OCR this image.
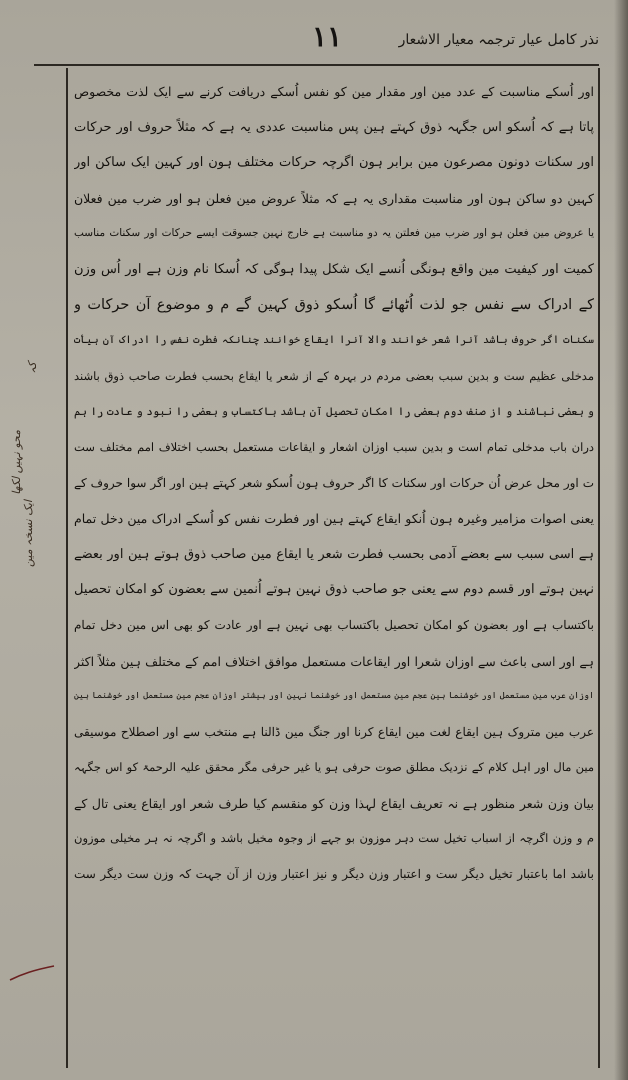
نذر کامل عیار ترجمہ معیار الاشعار
١١
اور اُسکے مناسبت کے عدد مین اور مقدار مین کو نفس اُسکے دریافت کرنے سے ایک لذت مخصوص
پاتا ہے کہ اُسکو اس جگہہ ذوق کہتے ہین پس مناسبت عددی یہ ہے کہ مثلاً حروف اور حرکات
اور سکنات دونون مصرعون مین برابر ہون اگرچہ حرکات مختلف ہون اور کہین ایک ساکن اور
کہین دو ساکن ہون اور مناسبت مقداری یہ ہے کہ مثلاً عروض مین فعلن ہو اور ضرب مین فعلان
یا عروض مین فعلن ہو اور ضرب مین فعلتن یہ دو مناسبت ہے خارج نہین جسوقت ایسے حرکات اور سکنات مناسب
کمیت اور کیفیت مین واقع ہونگی اُنسے ایک شکل پیدا ہوگی کہ اُسکا نام وزن ہے اور اُس وزن
کے ادراک سے نفس جو لذت اُٹھائے گا اُسکو ذوق کہین گے م و موضوع آن حرکات و
سکنات اگر حروف باشد آنرا شعر خوانند والا آنرا ایقاع خوانند چنانکہ فطرت نفس را ادراک آن ہیأت
مدخلی عظیم ست و بدین سبب بعضی مردم در بہرہ کے از شعر یا ایقاع بحسب فطرت صاحب ذوق باشند
و بعضی نباشند و از صنف دوم بعضی را امکان تحصیل آن باشد باکتساب و بعضی را نبود و عادت را ہم
دران باب مدخلی تمام است و بدین سبب اوزان اشعار و ایقاعات مستعمل بحسب اختلاف امم مختلف ست
ت اور محل عرض اُن حرکات اور سکنات کا اگر حروف ہون اُسکو شعر کہتے ہین اور اگر سوا حروف کے
یعنی اصوات مزامیر وغیرہ ہون اُنکو ایقاع کہتے ہین اور فطرت نفس کو اُسکے ادراک مین دخل تمام
ہے اسی سبب سے بعضے آدمی بحسب فطرت شعر یا ایقاع مین صاحب ذوق ہوتے ہین اور بعضے
نہین ہوتے اور قسم دوم سے یعنی جو صاحب ذوق نہین ہوتے اُنمین سے بعضون کو امکان تحصیل
باکتساب ہے اور بعضون کو امکان تحصیل باکتساب بھی نہین ہے اور عادت کو بھی اس مین دخل تمام
ہے اور اسی باعث سے اوزان شعرا اور ایقاعات مستعمل موافق اختلاف امم کے مختلف ہین مثلاً اکثر
اوزان عرب مین مستعمل اور خوشنما ہین عجم مین مستعمل اور خوشنما نہین اور بیشتر اوزان عجم مین مستعمل اور خوشنما ہین
عرب مین متروک ہین ایقاع لغت مین ایقاع کرنا اور جنگ مین ڈالنا ہے منتخب سے اور اصطلاح موسیقی
مین مال اور اہل کلام کے نزدیک مطلق صوت حرفی ہو یا غیر حرفی مگر محقق علیہ الرحمۃ کو اس جگہہ
بیان وزن شعر منظور ہے نہ تعریف ایقاع لہذا وزن کو منقسم کیا طرف شعر اور ایقاع یعنی تال کے
م و وزن اگرچہ از اسباب تخیل ست دہر موزون بو جہے از وجوہ مخیل باشد و اگرچہ نہ ہر مخیلی موزون
باشد اما باعتبار تخیل دیگر ست و اعتبار وزن دیگر و نیز اعتبار وزن از آن جہت کہ وزن ست دیگر ست
کہ
محو نہیں لکھا
ایک نسخہ مین
